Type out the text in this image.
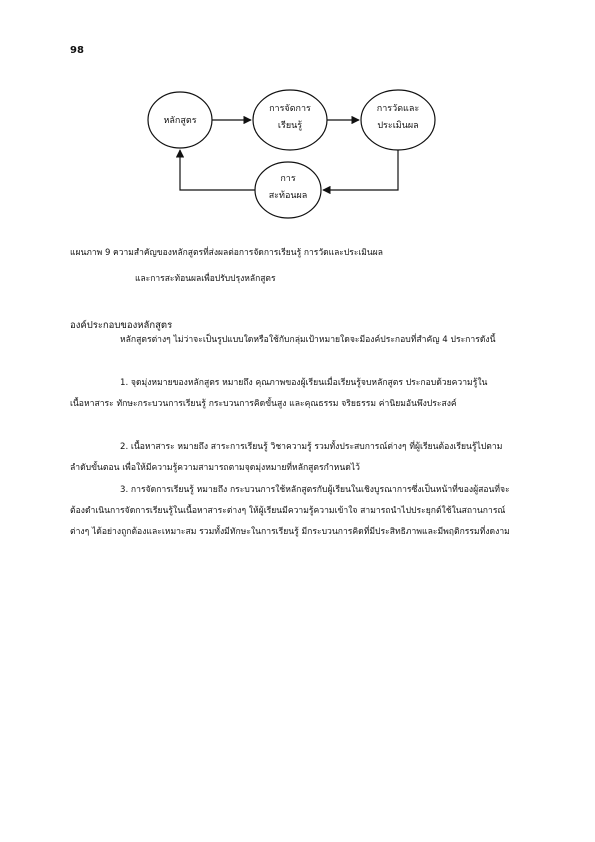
98
หลักสูตร
การจัดการเรียนรู้
การวัดและประเมินผล
การสะท้อนผล
แผนภาพ 9 ความสำคัญของหลักสูตรที่ส่งผลต่อการจัดการเรียนรู้ การวัดและประเมินผล
และการสะท้อนผลเพื่อปรับปรุงหลักสูตร
องค์ประกอบของหลักสูตร
หลักสูตรต่างๆ ไม่ว่าจะเป็นรูปแบบใดหรือใช้กับกลุ่มเป้าหมายใดจะมีองค์ประกอบที่สำคัญ 4 ประการดังนี้
1. จุดมุ่งหมายของหลักสูตร หมายถึง คุณภาพของผู้เรียนเมื่อเรียนรู้จบหลักสูตร ประกอบด้วยความรู้ในเนื้อหาสาระ ทักษะกระบวนการเรียนรู้ กระบวนการคิดขั้นสูง และคุณธรรม จริยธรรม ค่านิยมอันพึงประสงค์
2. เนื้อหาสาระ หมายถึง สาระการเรียนรู้ วิชาความรู้ รวมทั้งประสบการณ์ต่างๆ ที่ผู้เรียนต้องเรียนรู้ไปตามลำดับขั้นตอน เพื่อให้มีความรู้ความสามารถตามจุดมุ่งหมายที่หลักสูตรกำหนดไว้
3. การจัดการเรียนรู้ หมายถึง กระบวนการใช้หลักสูตรกับผู้เรียนในเชิงบูรณาการซึ่งเป็นหน้าที่ของผู้สอนที่จะต้องดำเนินการจัดการเรียนรู้ในเนื้อหาสาระต่างๆ ให้ผู้เรียนมีความรู้ความเข้าใจ สามารถนำไปประยุกต์ใช้ในสถานการณ์ต่างๆ ได้อย่างถูกต้องและเหมาะสม รวมทั้งมีทักษะในการเรียนรู้ มีกระบวนการคิดที่มีประสิทธิภาพและมีพฤติกรรมที่งดงาม
